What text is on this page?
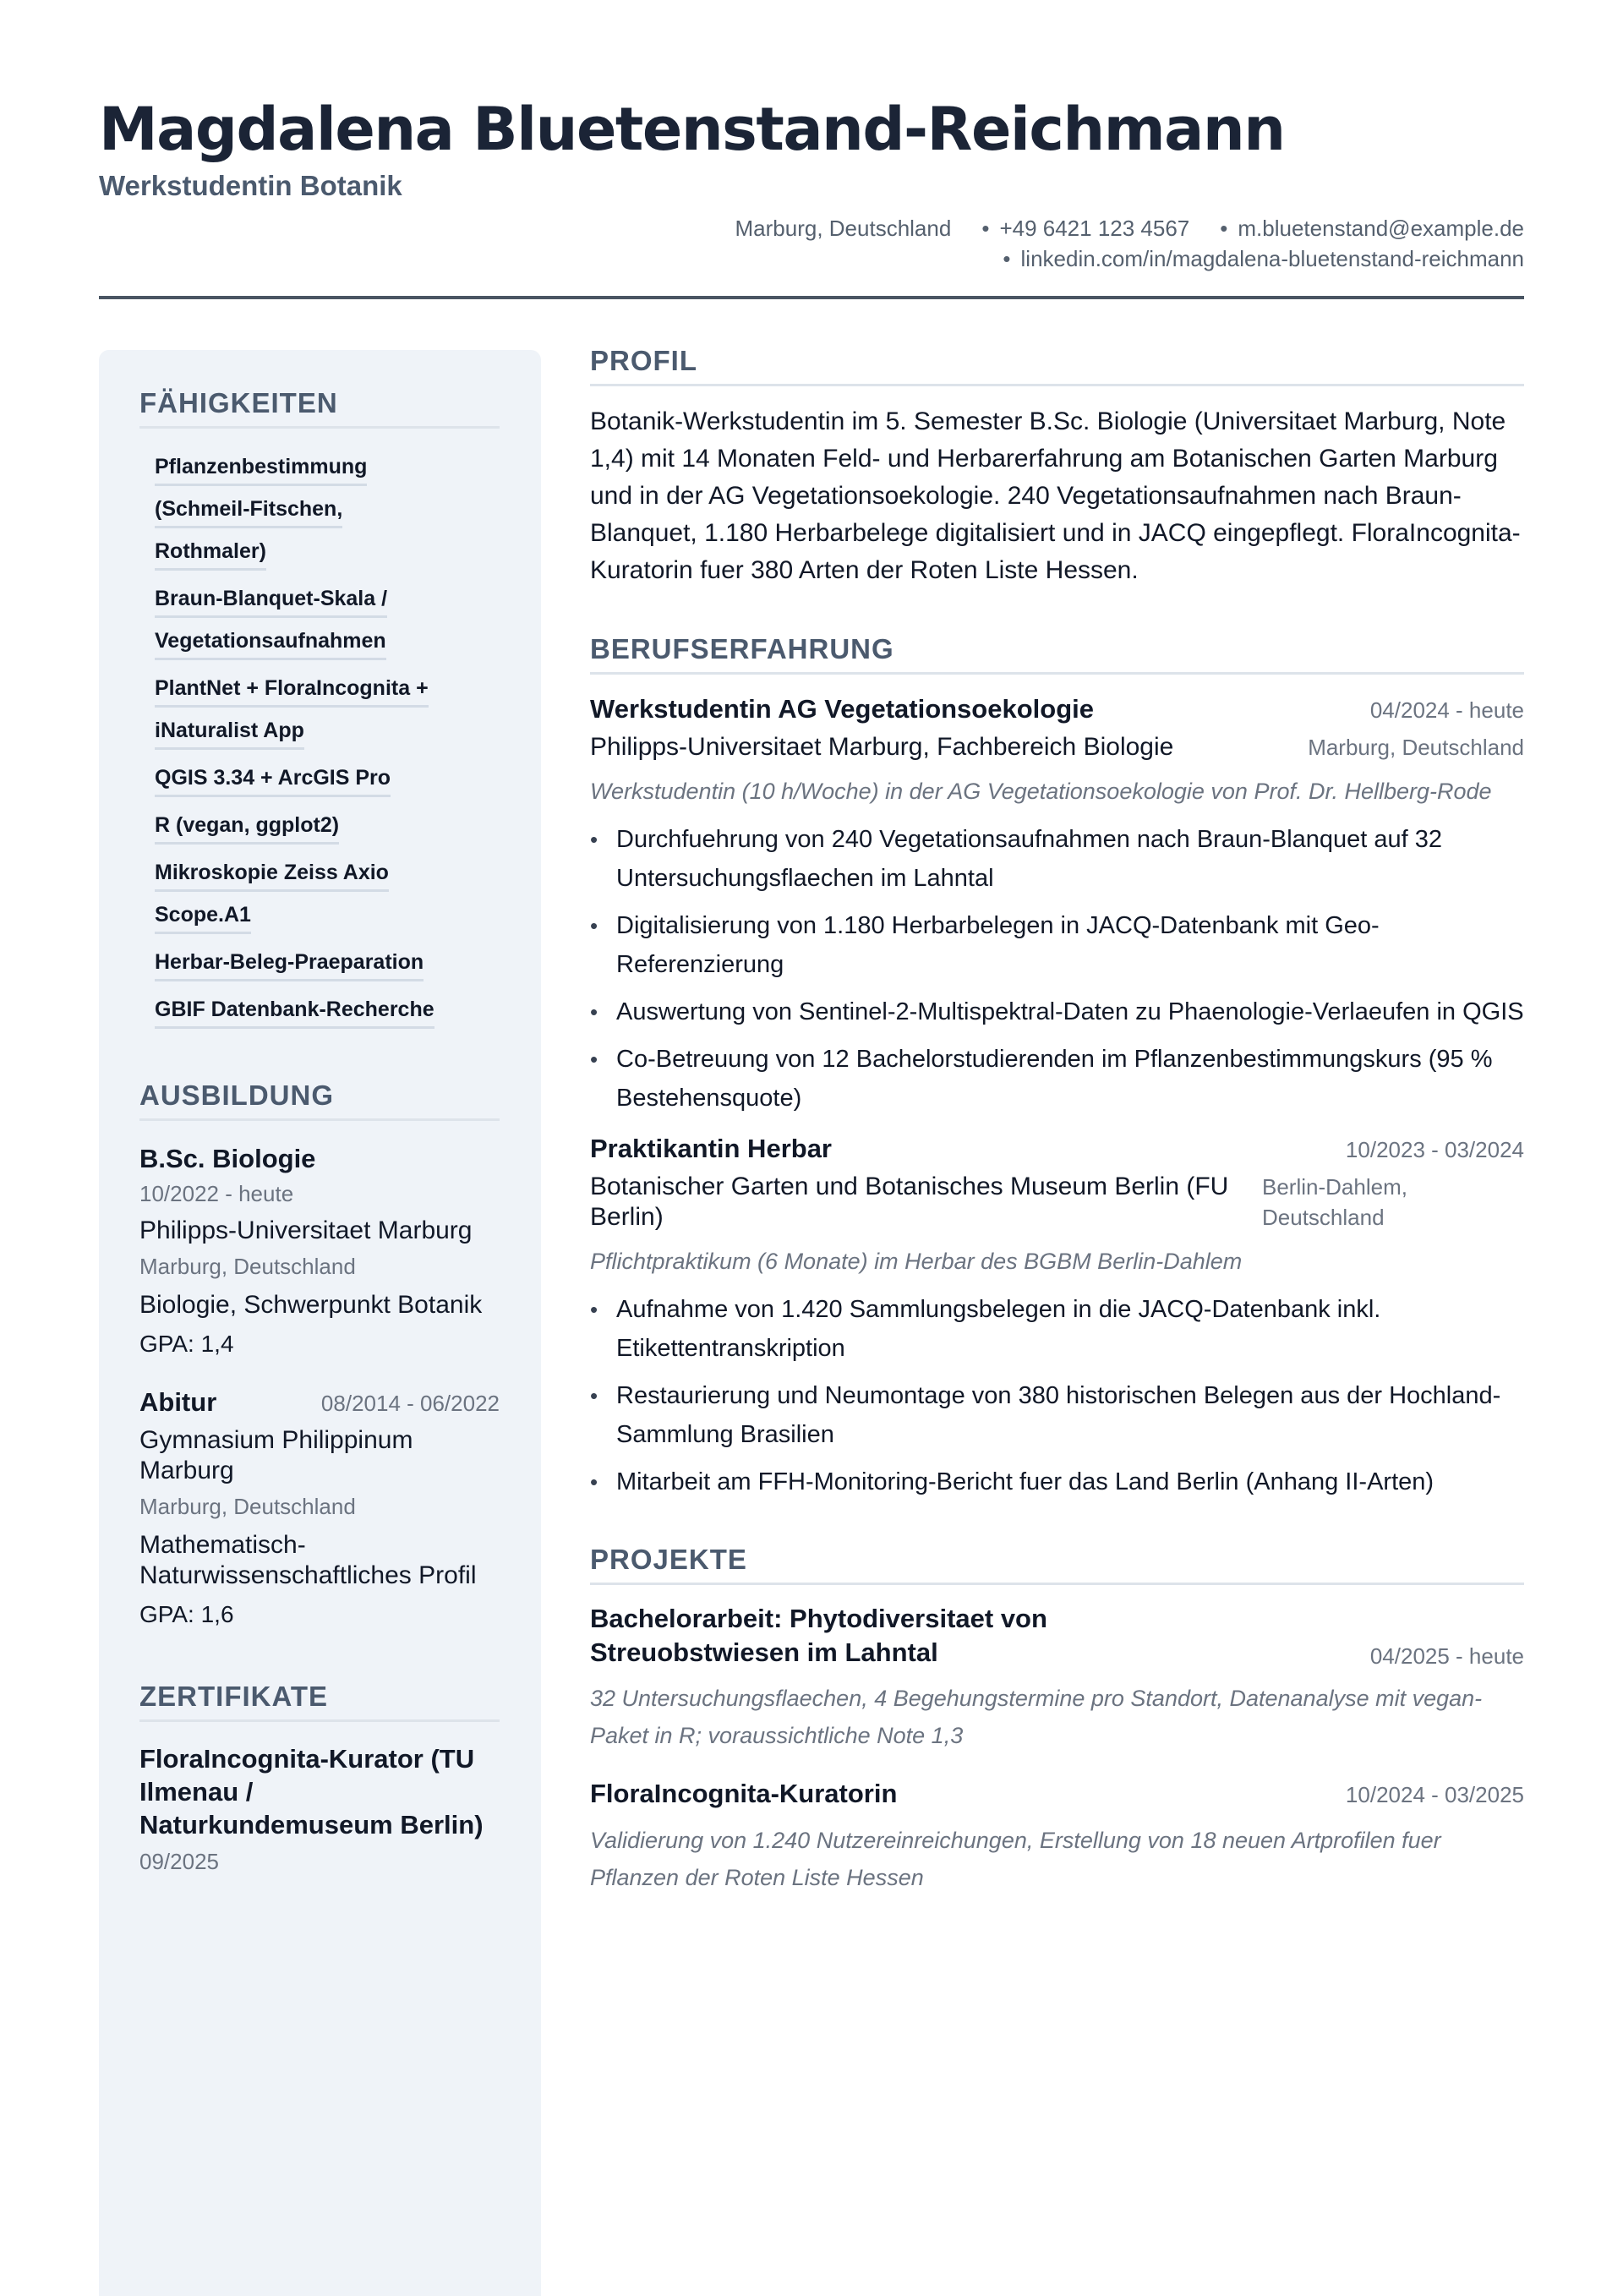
Magdalena Bluetenstand-Reichmann
Werkstudentin Botanik
Marburg, Deutschland • +49 6421 123 4567 • m.bluetenstand@example.de
• linkedin.com/in/magdalena-bluetenstand-reichmann
FÄHIGKEITEN
Pflanzenbestimmung
(Schmeil-Fitschen,
Rothmaler)
Braun-Blanquet-Skala /
Vegetationsaufnahmen
PlantNet + FloraIncognita +
iNaturalist App
QGIS 3.34 + ArcGIS Pro
R (vegan, ggplot2)
Mikroskopie Zeiss Axio
Scope.A1
Herbar-Beleg-Praeparation
GBIF Datenbank-Recherche
AUSBILDUNG
B.Sc. Biologie
10/2022 - heute
Philipps-Universitaet Marburg
Marburg, Deutschland
Biologie, Schwerpunkt Botanik
GPA: 1,4
Abitur	08/2014 - 06/2022
Gymnasium Philippinum Marburg
Marburg, Deutschland
Mathematisch-Naturwissenschaftliches Profil
GPA: 1,6
ZERTIFIKATE
FloraIncognita-Kurator (TU Ilmenau / Naturkundemuseum Berlin)
09/2025
PROFIL
Botanik-Werkstudentin im 5. Semester B.Sc. Biologie (Universitaet Marburg, Note 1,4) mit 14 Monaten Feld- und Herbarerfahrung am Botanischen Garten Marburg und in der AG Vegetationsoekologie. 240 Vegetationsaufnahmen nach Braun-Blanquet, 1.180 Herbarbelege digitalisiert und in JACQ eingepflegt. FloraIncognita-Kuratorin fuer 380 Arten der Roten Liste Hessen.
BERUFSERFAHRUNG
Werkstudentin AG Vegetationsoekologie	04/2024 - heute
Philipps-Universitaet Marburg, Fachbereich Biologie	Marburg, Deutschland
Werkstudentin (10 h/Woche) in der AG Vegetationsoekologie von Prof. Dr. Hellberg-Rode
• Durchfuehrung von 240 Vegetationsaufnahmen nach Braun-Blanquet auf 32 Untersuchungsflaechen im Lahntal
• Digitalisierung von 1.180 Herbarbelegen in JACQ-Datenbank mit Geo-Referenzierung
• Auswertung von Sentinel-2-Multispektral-Daten zu Phaenologie-Verlaeufen in QGIS
• Co-Betreuung von 12 Bachelorstudierenden im Pflanzenbestimmungskurs (95 % Bestehensquote)
Praktikantin Herbar	10/2023 - 03/2024
Botanischer Garten und Botanisches Museum Berlin (FU Berlin)
Berlin-Dahlem, Deutschland
Pflichtpraktikum (6 Monate) im Herbar des BGBM Berlin-Dahlem
• Aufnahme von 1.420 Sammlungsbelegen in die JACQ-Datenbank inkl. Etikettentranskription
• Restaurierung und Neumontage von 380 historischen Belegen aus der Hochland-Sammlung Brasilien
• Mitarbeit am FFH-Monitoring-Bericht fuer das Land Berlin (Anhang II-Arten)
PROJEKTE
Bachelorarbeit: Phytodiversitaet von Streuobstwiesen im Lahntal	04/2025 - heute
32 Untersuchungsflaechen, 4 Begehungstermine pro Standort, Datenanalyse mit vegan-Paket in R; voraussichtliche Note 1,3
FloraIncognita-Kuratorin	10/2024 - 03/2025
Validierung von 1.240 Nutzereinreichungen, Erstellung von 18 neuen Artprofilen fuer Pflanzen der Roten Liste Hessen
